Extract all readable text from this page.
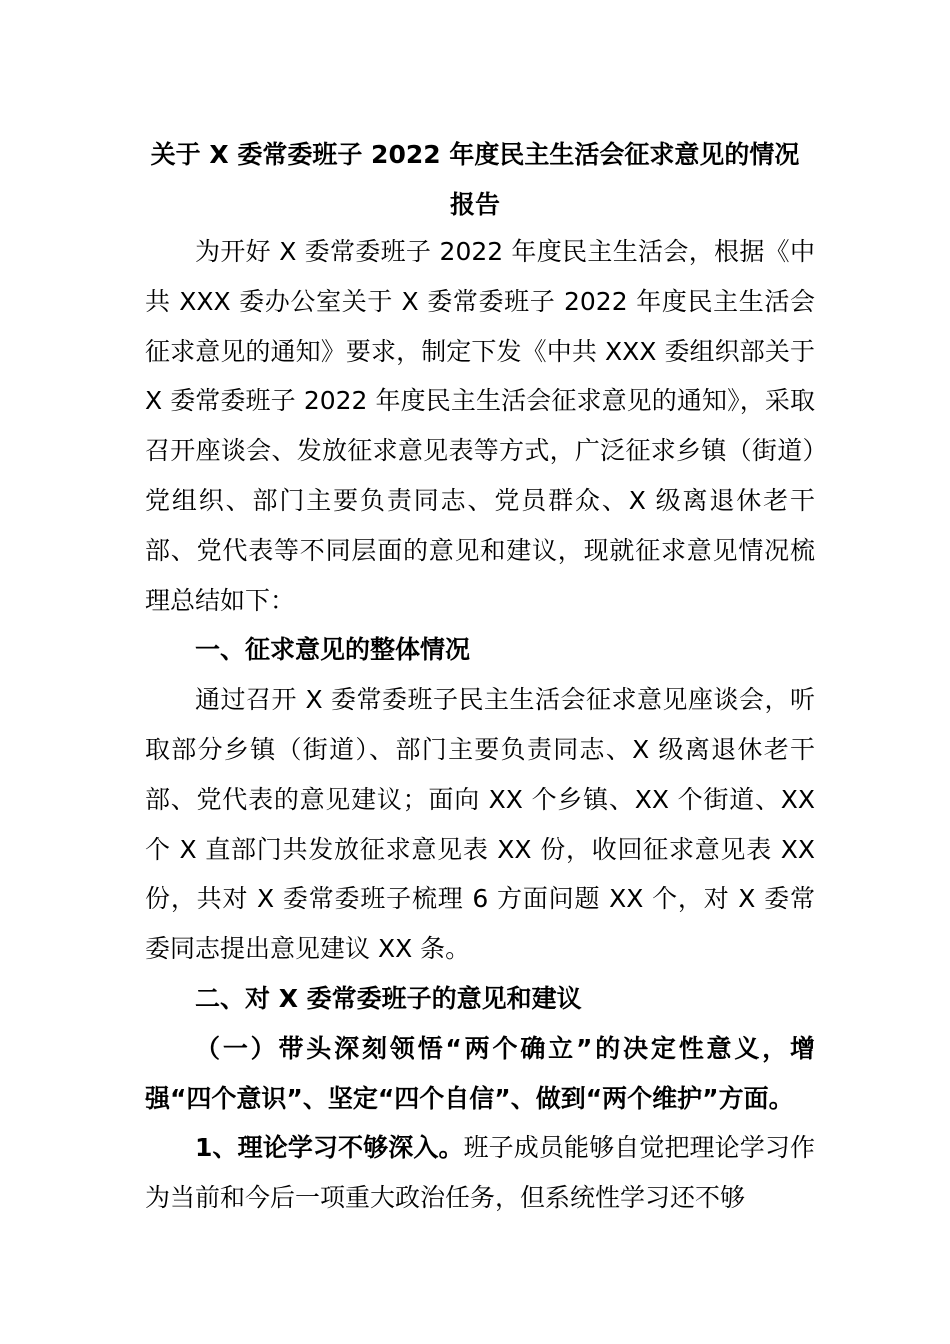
关于 X 委常委班子 2022 年度民主生活会征求意见的情况报告

为开好 X 委常委班子 2022 年度民主生活会，根据《中共 XXX 委办公室关于 X 委常委班子 2022 年度民主生活会征求意见的通知》要求，制定下发《中共 XXX 委组织部关于 X 委常委班子 2022 年度民主生活会征求意见的通知》，采取召开座谈会、发放征求意见表等方式，广泛征求乡镇（街道）党组织、部门主要负责同志、党员群众、X 级离退休老干部、党代表等不同层面的意见和建议，现就征求意见情况梳理总结如下：

一、征求意见的整体情况

通过召开 X 委常委班子民主生活会征求意见座谈会，听取部分乡镇（街道）、部门主要负责同志、X 级离退休老干部、党代表的意见建议；面向 XX 个乡镇、XX 个街道、XX 个 X 直部门共发放征求意见表 XX 份，收回征求意见表 XX 份，共对 X 委常委班子梳理 6 方面问题 XX 个，对 X 委常委同志提出意见建议 XX 条。

二、对 X 委常委班子的意见和建议

（一）带头深刻领悟“两个确立”的决定性意义，增强“四个意识”、坚定“四个自信”、做到“两个维护”方面。

1、理论学习不够深入。班子成员能够自觉把理论学习作为当前和今后一项重大政治任务，但系统性学习还不够
